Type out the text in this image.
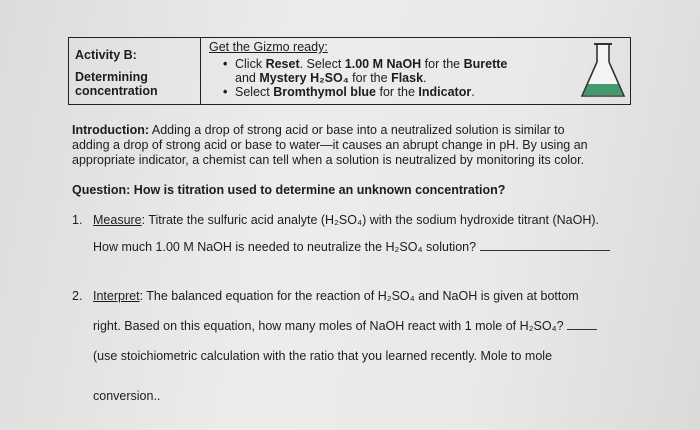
Activity B:
Determining
concentration
Get the Gizmo ready:
• Click Reset. Select 1.00 M NaOH for the Burette
and Mystery H₂SO₄ for the Flask.
• Select Bromthymol blue for the Indicator.
Introduction: Adding a drop of strong acid or base into a neutralized solution is similar to
adding a drop of strong acid or base to water—it causes an abrupt change in pH. By using an
appropriate indicator, a chemist can tell when a solution is neutralized by monitoring its color.
Question: How is titration used to determine an unknown concentration?
1. Measure: Titrate the sulfuric acid analyte (H₂SO₄) with the sodium hydroxide titrant (NaOH).
How much 1.00 M NaOH is needed to neutralize the H₂SO₄ solution?
2. Interpret: The balanced equation for the reaction of H₂SO₄ and NaOH is given at bottom
right. Based on this equation, how many moles of NaOH react with 1 mole of H₂SO₄?
(use stoichiometric calculation with the ratio that you learned recently. Mole to mole
conversion..
